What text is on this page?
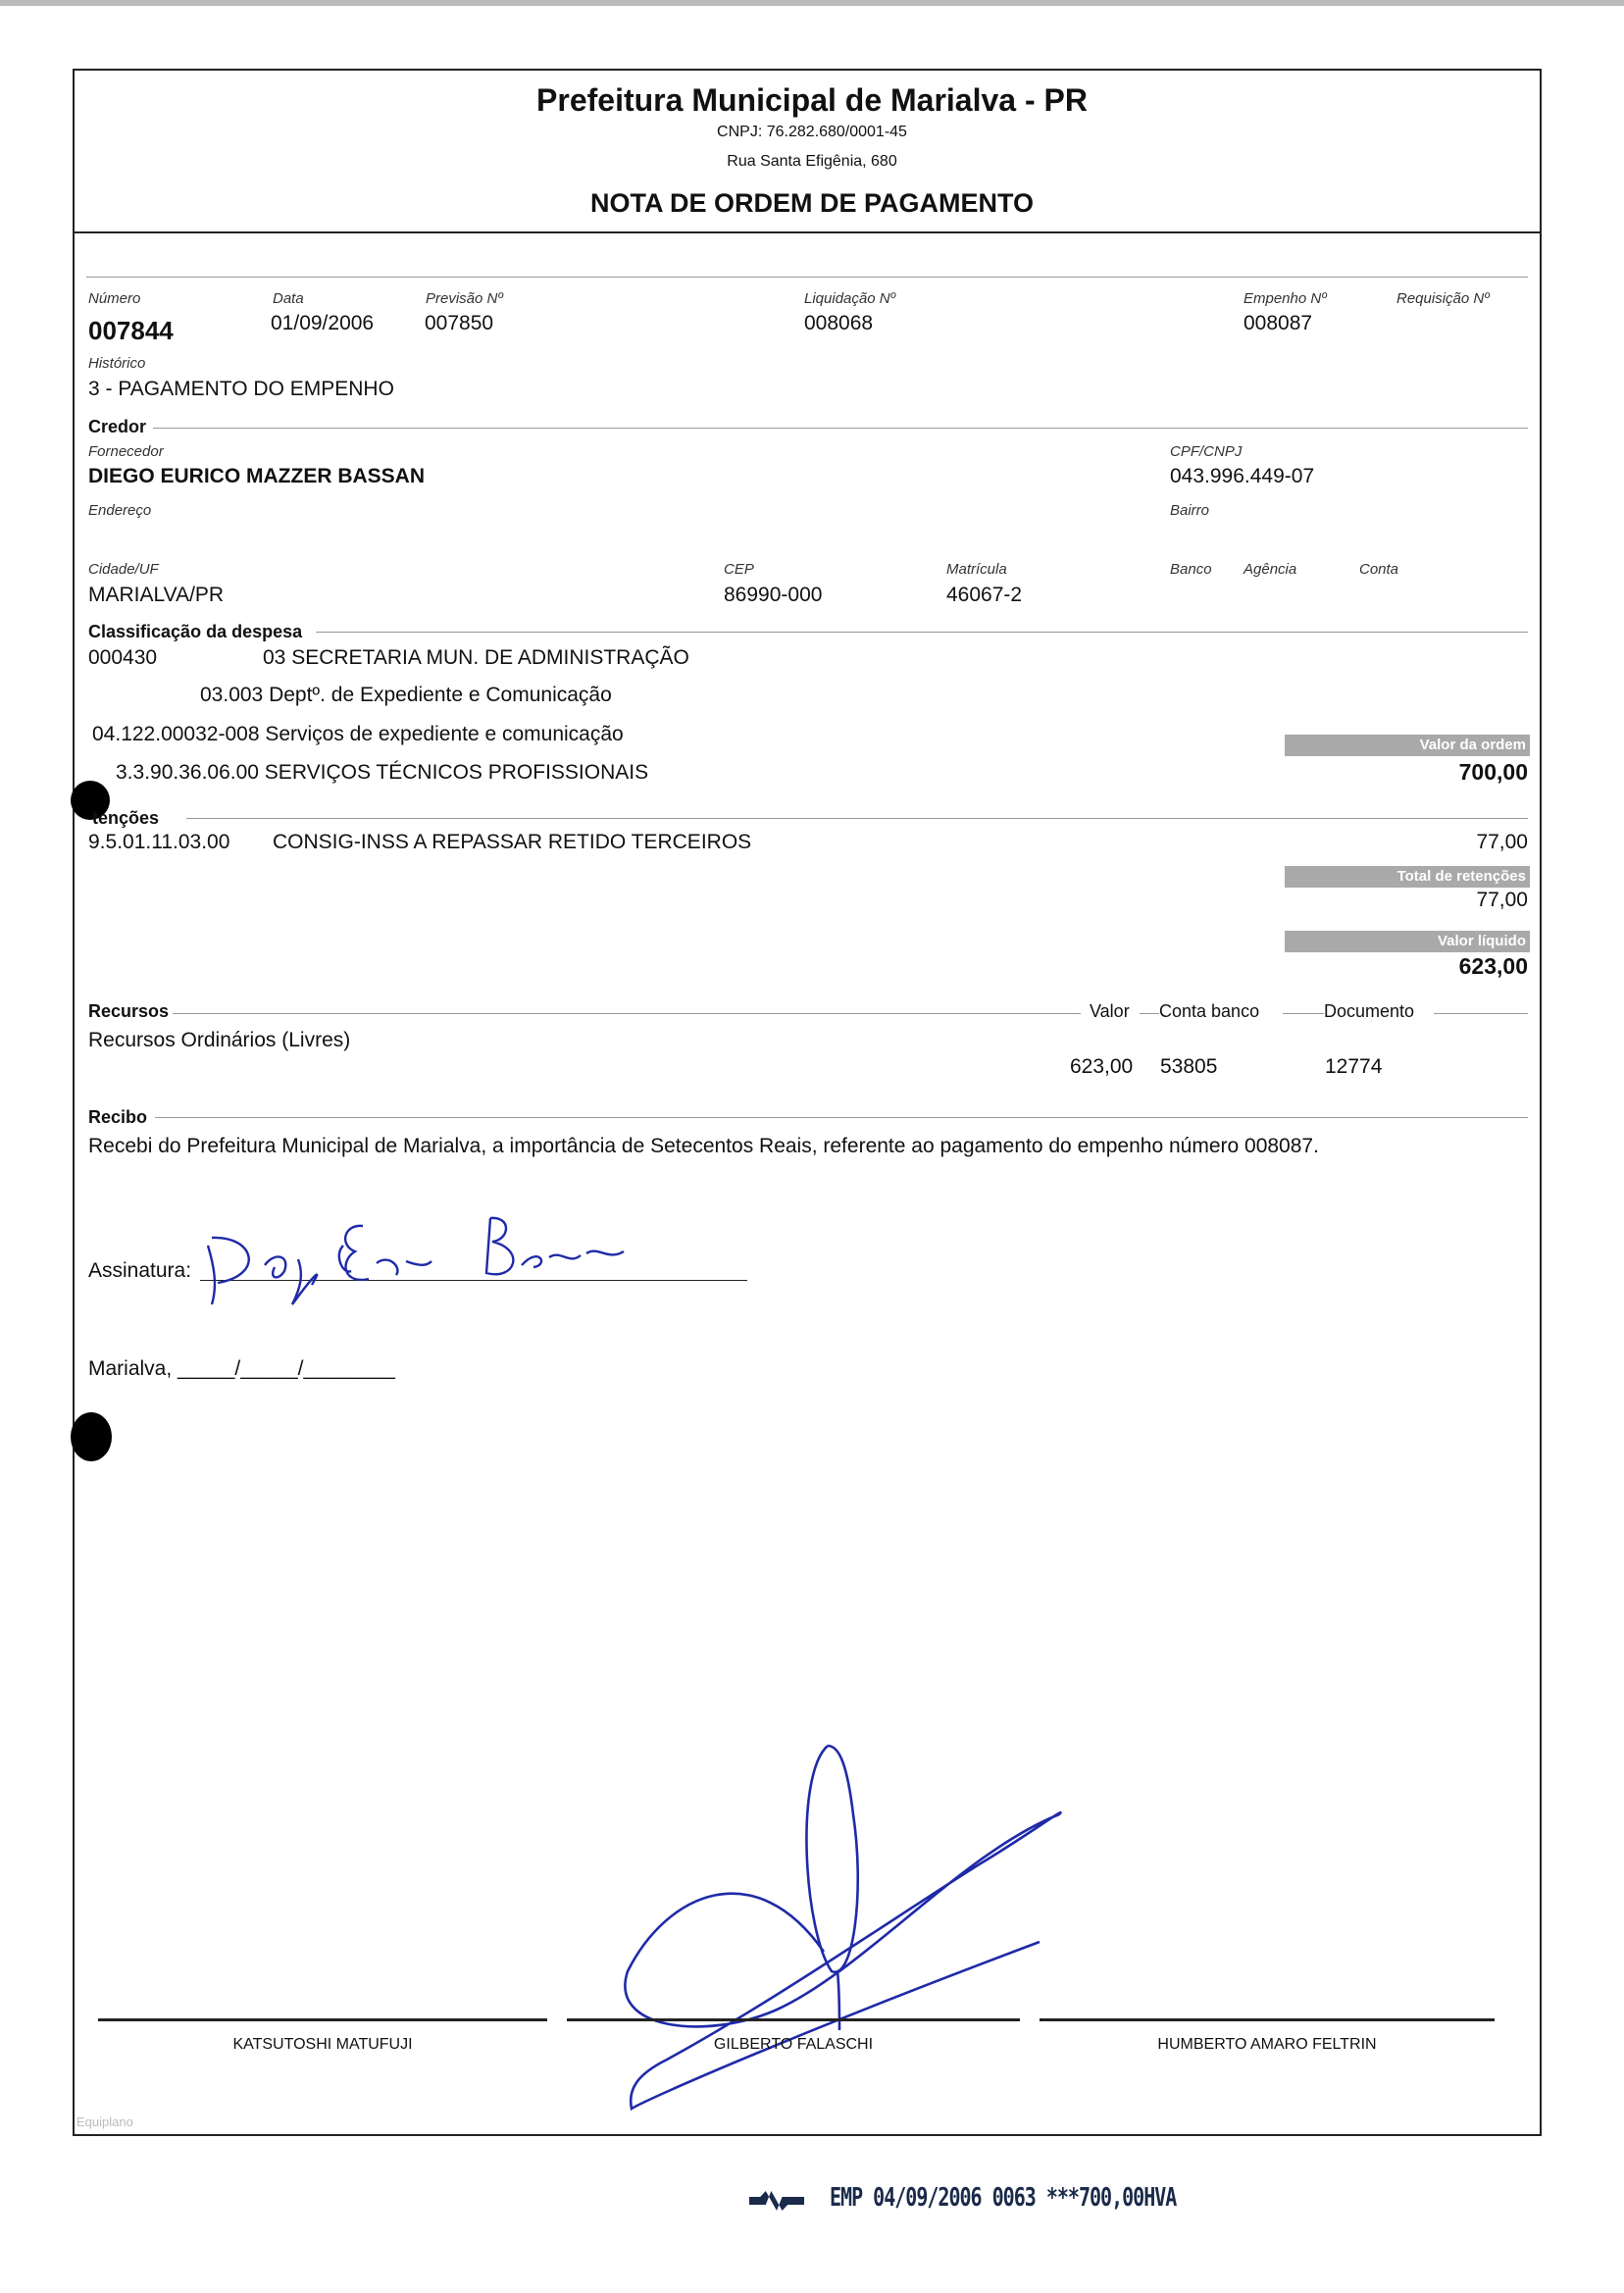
Prefeitura Municipal de Marialva - PR
CNPJ: 76.282.680/0001-45
Rua Santa Efigênia, 680
NOTA DE ORDEM DE PAGAMENTO
Número
007844
Data
01/09/2006
Previsão Nº
007850
Liquidação Nº
008068
Empenho Nº
008087
Requisição Nº
Histórico
3 - PAGAMENTO DO EMPENHO
Credor
Fornecedor
DIEGO EURICO MAZZER BASSAN
CPF/CNPJ
043.996.449-07
Endereço	Bairro
Cidade/UF
MARIALVA/PR
CEP
86990-000
Matrícula
46067-2
Banco Agência	Conta
Classificação da despesa
000430	03 SECRETARIA MUN. DE ADMINISTRAÇÃO
03.003 Deptº. de Expediente e Comunicação
04.122.00032-008 Serviços de expediente e comunicação
3.3.90.36.06.00 SERVIÇOS TÉCNICOS PROFISSIONAIS
Valor da ordem
700,00
tenções
9.5.01.11.03.00 CONSIG-INSS A REPASSAR RETIDO TERCEIROS	77,00
Total de retenções
77,00
Valor líquido
623,00
Recursos	Valor Conta banco	Documento
Recursos Ordinários (Livres)
623,00 53805	12774
Recibo
Recebi do Prefeitura Municipal de Marialva, a importância de Setecentos Reais, referente ao pagamento do empenho número 008087.
Assinatura:
Marialva, _____/_____/________
KATSUTOSHI MATUFUJI	GILBERTO FALASCHI	HUMBERTO AMARO FELTRIN
Equiplano
EMP 04/09/2006 0063 ***700,00HVA
